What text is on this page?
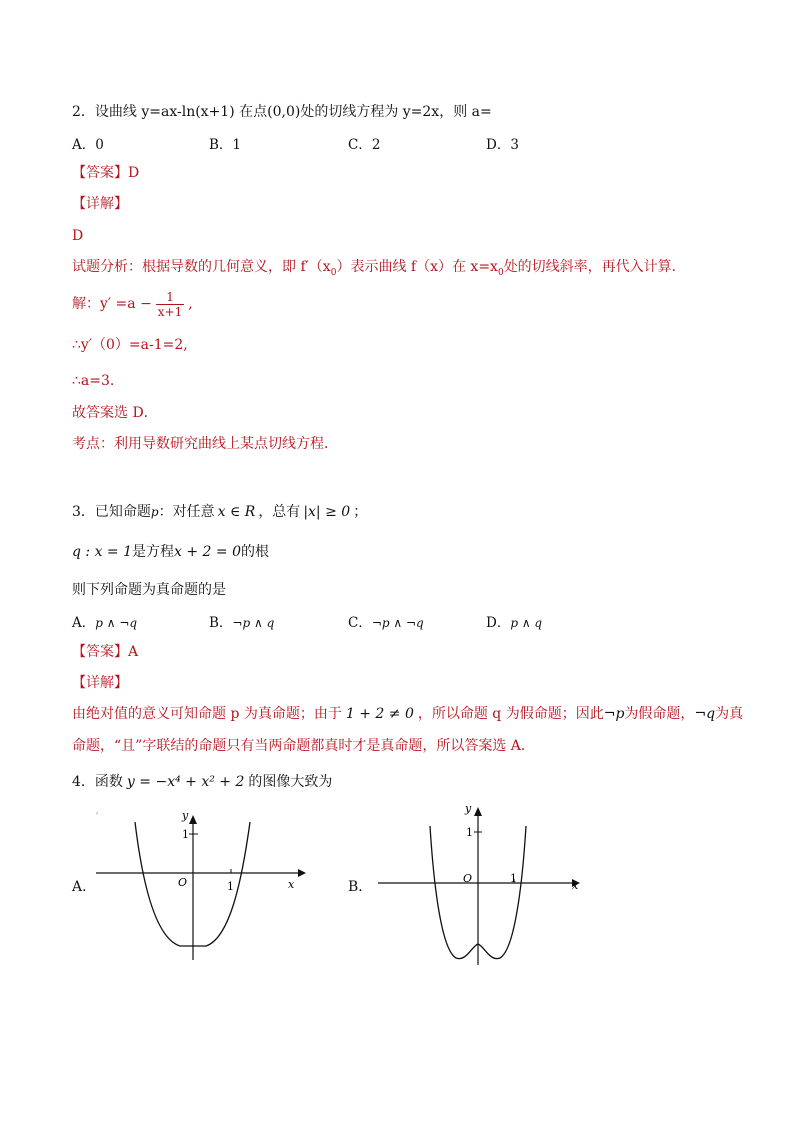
2．设曲线 y=ax-ln(x+1) 在点(0,0)处的切线方程为 y=2x，则 a=
A．0	B．1	C．2	D．3
【答案】D
【详解】
D
试题分析：根据导数的几何意义，即 $f'(x_0)$表示曲线 f（x）在 $x=x_0$处的切线斜率，再代入计算．
解：$y' =a - \frac{1}{x+1}$ ,
∴y′（0）=a-1=2,
∴a=3.
故答案选 D．
考点：利用导数研究曲线上某点切线方程．
3．已知命题p：对任意 x ∈ R ，总有 |x| ≥ 0 ；
q : x = 1是方程x + 2 = 0的根
则下列命题为真命题的是
A．p ∧ ¬q	B．¬p ∧ q	C．¬p ∧ ¬q	D．p ∧ q
【答案】A
【详解】
由绝对值的意义可知命题 p 为真命题；由于 1 + 2 ≠ 0 ，所以命题 q 为假命题；因此¬p为假命题，¬q为真
命题，“且”字联结的命题只有当两命题都真时才是真命题，所以答案选 A．
4．函数 y = −x⁴ + x² + 2 的图像大致为
A．
′	y
1
O	1	x	B．
y
1
O	1
x
